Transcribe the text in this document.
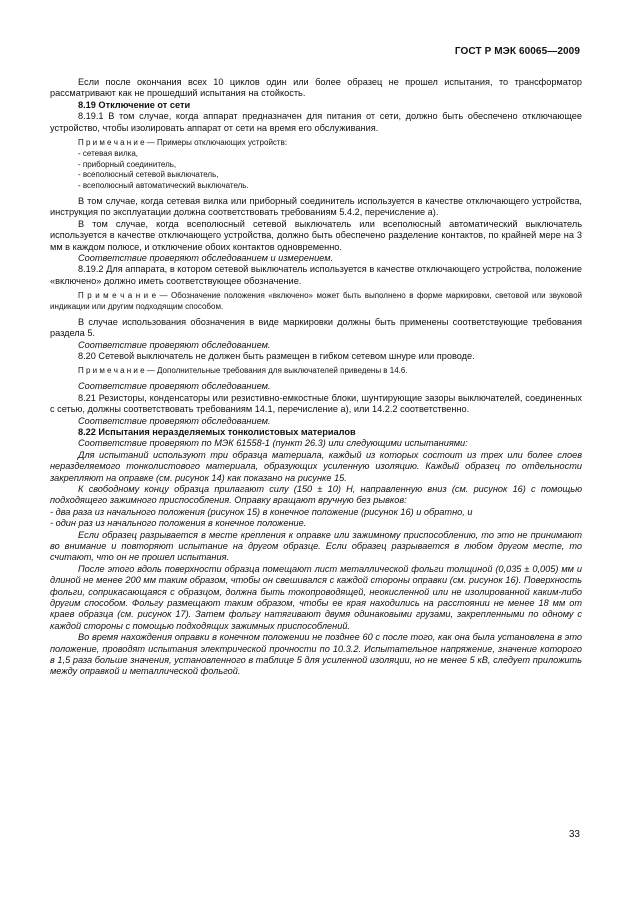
ГОСТ Р МЭК 60065—2009

Если после окончания всех 10 циклов один или более образец не прошел испытания, то трансформатор рассматривают как не прошедший испытания на стойкость.

8.19 Отключение от сети

8.19.1 В том случае, когда аппарат предназначен для питания от сети, должно быть обеспечено отключающее устройство, чтобы изолировать аппарат от сети на время его обслуживания.

П р и м е ч а н и е — Примеры отключающих устройств:

- сетевая вилка,

- приборный соединитель,

- всеполюсный сетевой выключатель,

- всеполюсный автоматический выключатель.

В том случае, когда сетевая вилка или приборный соединитель используется в качестве отключающего устройства, инструкция по эксплуатации должна соответствовать требованиям 5.4.2, перечисление а).

В том случае, когда всеполюсный сетевой выключатель или всеполюсный автоматический выключатель используется в качестве отключающего устройства, должно быть обеспечено разделение контактов, по крайней мере на 3 мм в каждом полюсе, и отключение обоих контактов одновременно.

Соответствие проверяют обследованием и измерением.

8.19.2 Для аппарата, в котором сетевой выключатель используется в качестве отключающего устройства, положение «включено» должно иметь соответствующее обозначение.

П р и м е ч а н и е — Обозначение положения «включено» может быть выполнено в форме маркировки, световой или звуковой индикации или другим подходящим способом.

В случае использования обозначения в виде маркировки должны быть применены соответствующие требования раздела 5.

Соответствие проверяют обследованием.

8.20 Сетевой выключатель не должен быть размещен в гибком сетевом шнуре или проводе.

П р и м е ч а н и е — Дополнительные требования для выключателей приведены в 14.6.

Соответствие проверяют обследованием.

8.21 Резисторы, конденсаторы или резистивно-емкостные блоки, шунтирующие зазоры выключателей, соединенных с сетью, должны соответствовать требованиям 14.1, перечисление а), или 14.2.2 соответственно.

Соответствие проверяют обследованием.

8.22 Испытания неразделяемых тонколистовых материалов

Соответствие проверяют по МЭК 61558-1 (пункт 26.3) или следующими испытаниями:

Для испытаний используют три образца материала, каждый из которых состоит из трех или более слоев неразделяемого тонколистового материала, образующих усиленную изоляцию. Каждый образец по отдельности закрепляют на оправке (см. рисунок 14) как показано на рисунке 15.

К свободному концу образца прилагают силу (150 ± 10) Н, направленную вниз (см. рисунок 16) с помощью подходящего зажимного приспособления. Оправку вращают вручную без рывков:

- два раза из начального положения (рисунок 15) в конечное положение (рисунок 16) и обратно, и

- один раз из начального положения в конечное положение.

Если образец разрывается в месте крепления к оправке или зажимному приспособлению, то это не принимают во внимание и повторяют испытание на другом образце. Если образец разрывается в любом другом месте, то считают, что он не прошел испытания.

После этого вдоль поверхности образца помещают лист металлической фольги толщиной (0,035 ± 0,005) мм и длиной не менее 200 мм таким образом, чтобы он свешивался с каждой стороны оправки (см. рисунок 16). Поверхность фольги, соприкасающаяся с образцом, должна быть токопроводящей, неокисленной или не изолированной каким-либо другим способом. Фольгу размещают таким образом, чтобы ее края находились на расстоянии не менее 18 мм от краев образца (см. рисунок 17). Затем фольгу натягивают двумя одинаковыми грузами, закрепленными по одному с каждой стороны с помощью подходящих зажимных приспособлений.

Во время нахождения оправки в конечном положении не позднее 60 с после того, как она была установлена в это положение, проводят испытания электрической прочности по 10.3.2. Испытательное напряжение, значение которого в 1,5 раза больше значения, установленного в таблице 5 для усиленной изоляции, но не менее 5 кВ, следует приложить между оправкой и металлической фольгой.

33
